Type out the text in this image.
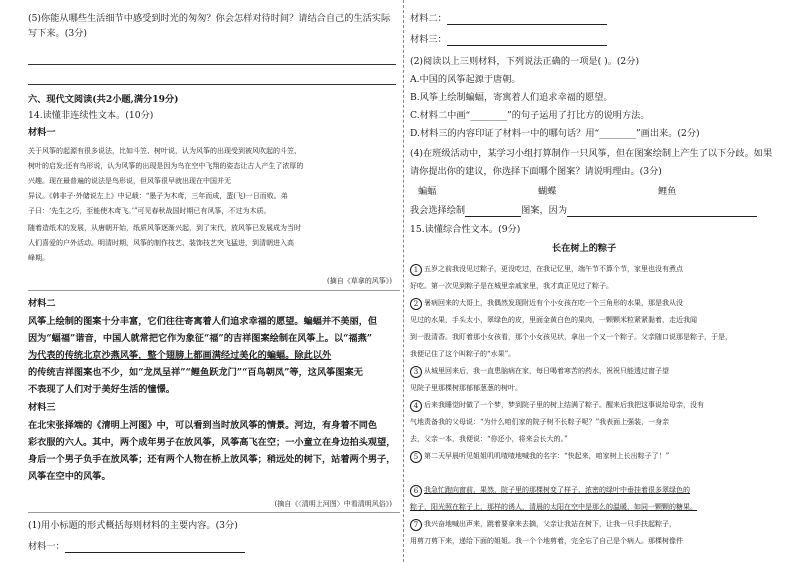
(5)你能从哪些生活细节中感受到时光的匆匆？你会怎样对待时间？请结合自己的生活实际
写下来。(3分)
六、现代文阅读(共2小题,满分19分)
14.读懂非连续性文本。(10分)
材料一
关于风筝的起源有很多说法，比如斗笠、树叶说，认为风筝的出现受到被风吹起的斗笠、
树叶的启发;还有鸟形说，认为风筝的出现是因为鸟在空中飞翔的姿态让古人产生了浓厚的
兴趣。现在最普遍的说法是鸟形说，但风筝很早就出现在中国并无
异议。《韩非子·外储说左上》中记载：“墨子为木鸢，三年而成，蜚(飞)一日而败。弟
子曰：‘先生之巧，至能使木鸢飞。’”可见春秋战国时期已有风筝，不过为木质。
随着造纸术的发展，从唐朝开始，纸质风筝逐渐兴起，到了宋代，放风筝已发展成为当时
人们喜爱的户外活动。明清时期，风筝的制作技艺、装饰技艺突飞猛进，到清朝进入高
峰期。
(摘自《草拿的风筝》)
材料二
风筝上绘制的图案十分丰富，它们往往寄寓着人们追求幸福的愿望。蝙蝠并不美丽，但
因为“蝠福”谐音，中国人就常把它作为象征“福”的吉祥图案绘制在风筝上。以“福燕”
为代表的传统北京沙燕风筝，整个翅膀上都画满经过美化的蝙蝠。除此以外
的传统吉祥图案也不少，如“龙凤呈祥”“鲤鱼跃龙门”“百鸟朝凤”等，这风筝图案无
不表现了人们对于美好生活的憧憬。
材料三
在北宋张择端的《清明上河图》中，可以看到当时放风筝的情景。河边，有身着不同色
彩衣服的六人。其中，两个成年男子在放风筝，风筝高飞在空；一小童立在身边拍头观望，
身后一个男子负手在放风筝；还有两个人物在桥上放风筝；稍远处的树下，站着两个男子，
风筝在空中的风筝。
(摘自《〈清明上河图〉中看清明风俗》)
(1)用小标题的形式概括每则材料的主要内容。(3分)
材料一：
材料二：
材料三：
(2)阅读以上三则材料，下列说法正确的一项是( )。(2分)
A.中国的风筝起源于唐朝。
B.风筝上绘制蝙蝠，寄寓着人们追求幸福的愿望。
C.材料二中画“________”的句子运用了打比方的说明方法。
D.材料三的内容印证了材料一中的哪句话？用“________”画出来。(2分)
(4)在班级活动中，某学习小组打算制作一只风筝，但在图案绘制上产生了以下分歧。如果
请你提出你的建议，你选择下面哪个图案？请说明理由。(3分)
蝙蝠	蝴蝶	鲤鱼
我会选择绘制	图案，因为
15.读懂综合性文本。(9分)
长在树上的粽子
1 五岁之前我没见过粽子，更没吃过，在我记忆里，端午节不算个节，家里也没有煮点
好吃。第一次见到粽子是在城里亲戚家里，我才真正见过了粽子。
2 暑病回来的大哥上，我偶然发现附近有个小女孩在吃一个三角形的水果，那是我从没
见过的水果，手头太小，翠绿色的皮，里面金黄白色的果肉，一颗颗米粒紧紧黏着，走近我闻
到一股清香。我盯着那小女孩看，那个小女孩见状，拿出一个又一个粽子。父亲随口说那是粽子，于是，
我便记住了这个叫粽子的“水果”。
3 从城里回来后，我一直患脑病在家，每日喝着寒苦的药水，祝祝只能透过窗子望
见院子里那棵树那郁郁葱葱的树叶。
4 后来我睡觉时做了一个梦，梦到院子里的树上结满了粽子。醒来后我把这事说给母亲，没有
气地责备我的父母说：“为什么咱们家的院子树不长粽子呢？”我表面上强装，一身亲
去，父亲一本，我便说：“你还小，将来会长大的。”
5 第二天早晨听见姐姐叽叽喳喳地喊我的名字：“快起来，咱家树上长出粽子了！”
6 我急忙跑向窗前，果然，院子里的那棵树变了样子，浓密的绿叶中垂挂着很多翠绿色的
粽子，阳光照在粽子上，那样的诱人，清晨的太阳在空中是那么的温暖，如同一颗颗的糖果。
7 我兴奋地喊出声来，跳着要拿来去摘，父亲让我站在树下，让我一只手扶起粽子，
用剪刀剪下来，递给下面的姐姐。我一个个地剪着，完全忘了自己是个病人。那棵树像件
